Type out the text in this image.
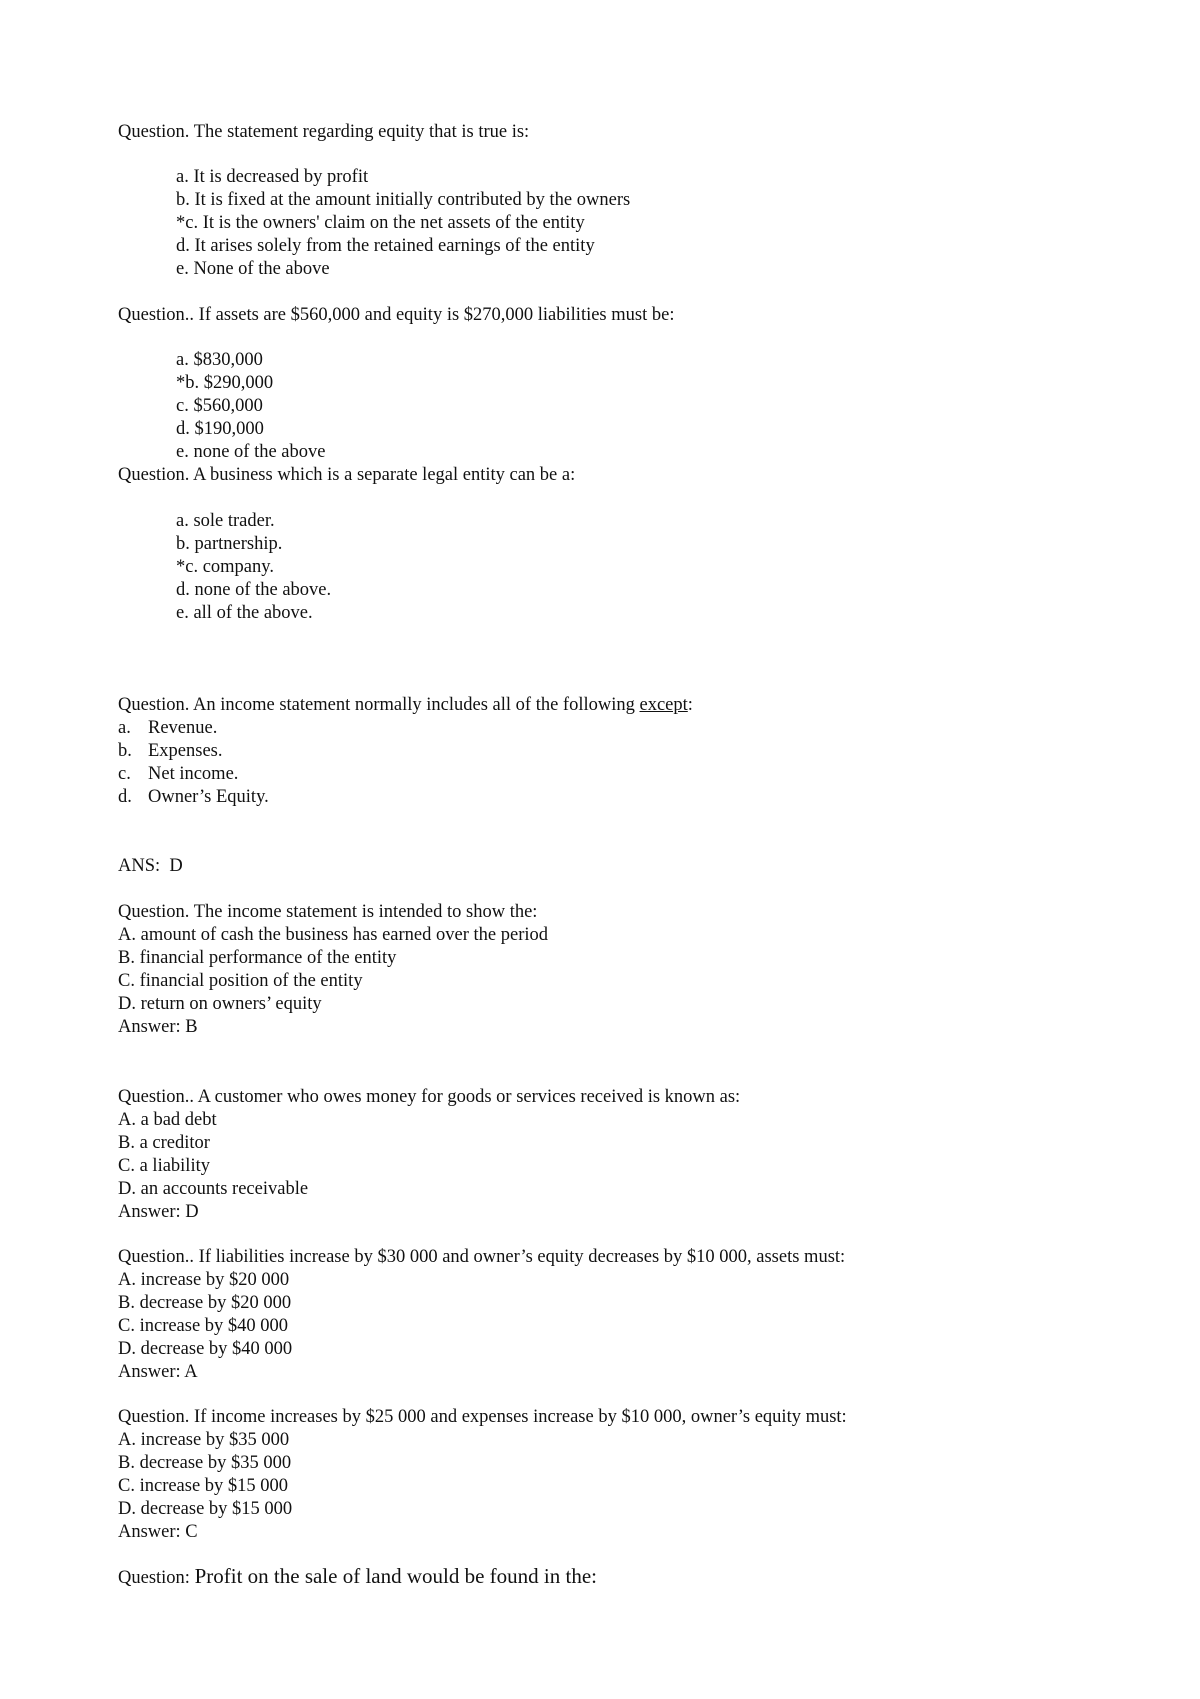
Question. The statement regarding equity that is true is:
a. It is decreased by profit
b. It is fixed at the amount initially contributed by the owners
*c. It is the owners' claim on the net assets of the entity
d. It arises solely from the retained earnings of the entity
e. None of the above
Question.. If assets are $560,000 and equity is $270,000 liabilities must be:
a. $830,000
*b. $290,000
c. $560,000
d. $190,000
e. none of the above
Question. A business which is a separate legal entity can be a:
a. sole trader.
b. partnership.
*c. company.
d. none of the above.
e. all of the above.
Question. An income statement normally includes all of the following except:
a. Revenue.
b. Expenses.
c. Net income.
d. Owner’s Equity.
ANS:  D
Question. The income statement is intended to show the:
A. amount of cash the business has earned over the period
B. financial performance of the entity
C. financial position of the entity
D. return on owners’ equity
Answer: B
Question.. A customer who owes money for goods or services received is known as:
A. a bad debt
B. a creditor
C. a liability
D. an accounts receivable
Answer: D
Question.. If liabilities increase by $30 000 and owner’s equity decreases by $10 000, assets must:
A. increase by $20 000
B. decrease by $20 000
C. increase by $40 000
D. decrease by $40 000
Answer: A
Question. If income increases by $25 000 and expenses increase by $10 000, owner’s equity must:
A. increase by $35 000
B. decrease by $35 000
C. increase by $15 000
D. decrease by $15 000
Answer: C
Question: Profit on the sale of land would be found in the:
